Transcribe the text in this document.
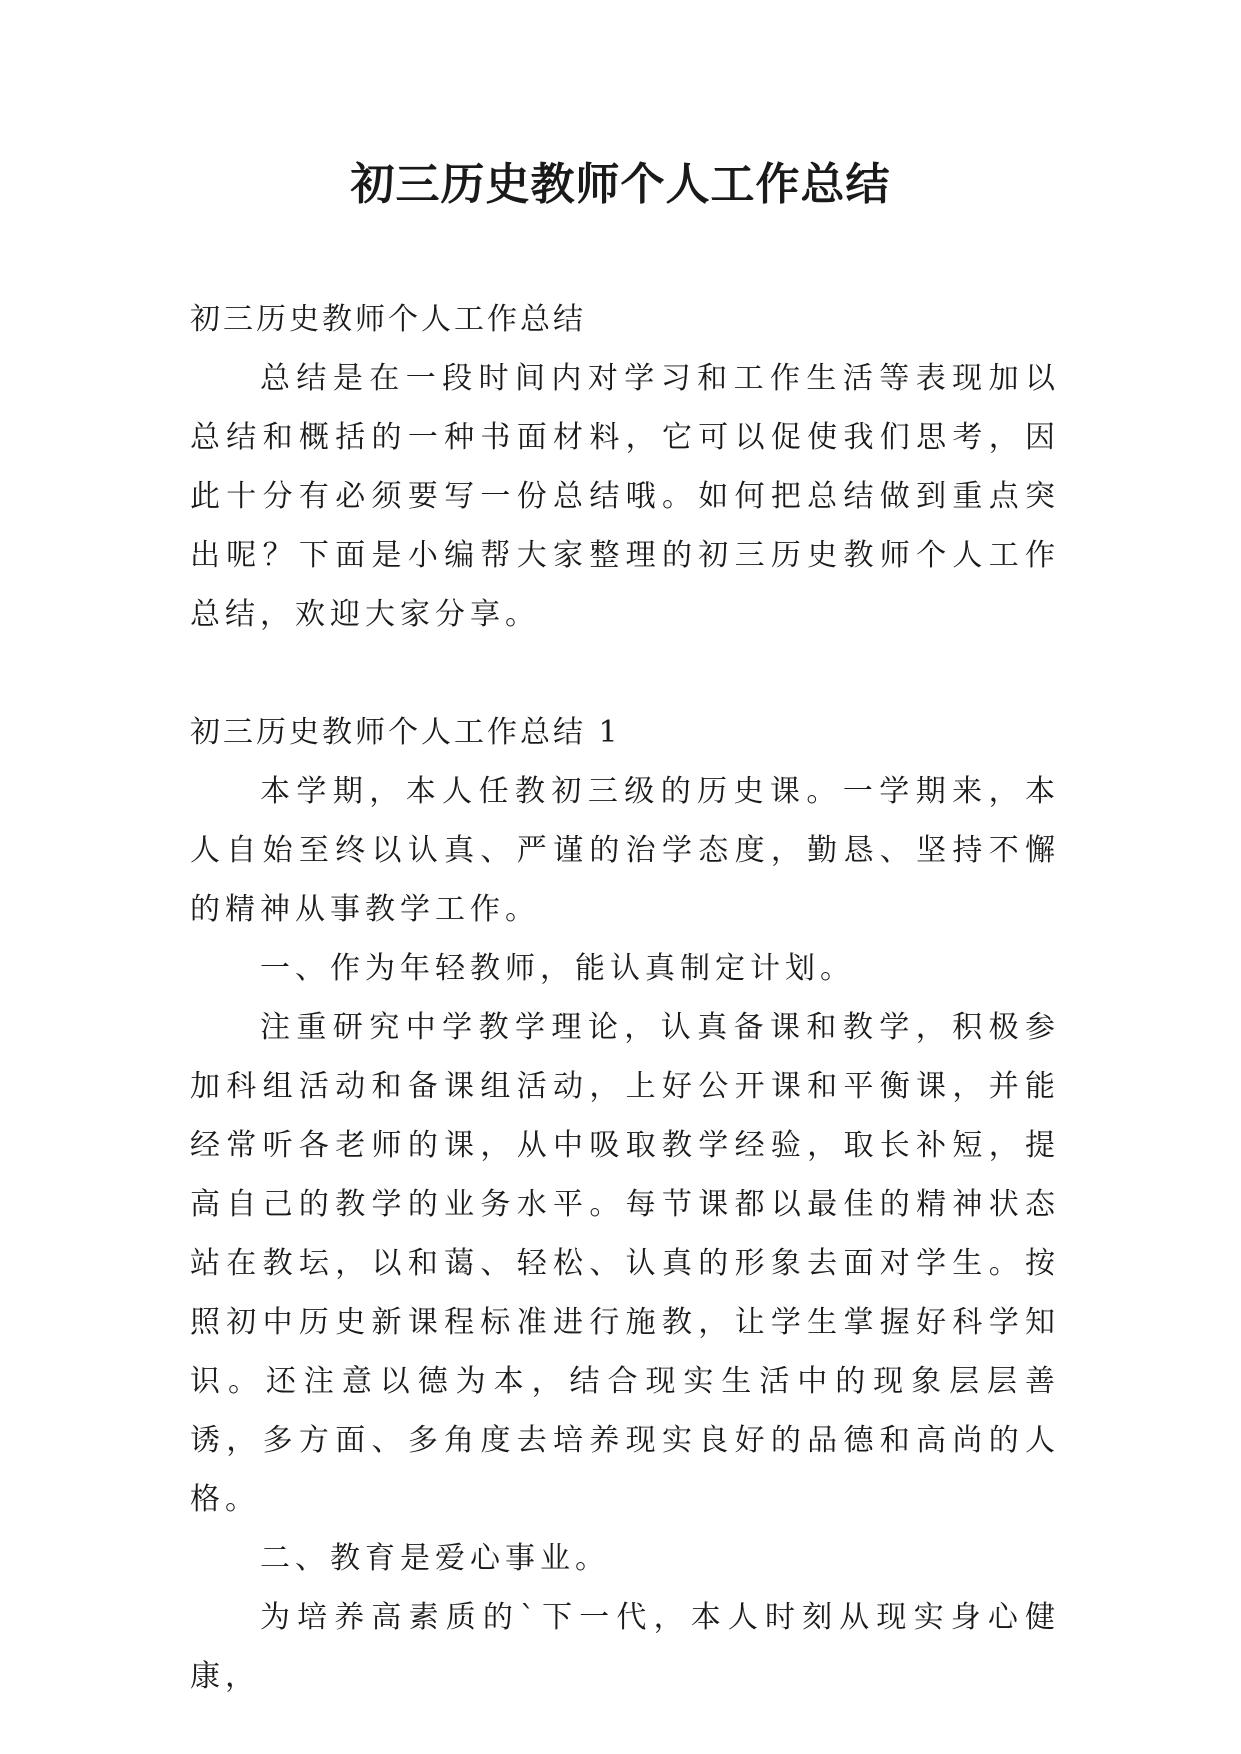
初三历史教师个人工作总结

初三历史教师个人工作总结

总结是在一段时间内对学习和工作生活等表现加以总结和概括的一种书面材料，它可以促使我们思考，因此十分有必须要写一份总结哦。如何把总结做到重点突出呢？下面是小编帮大家整理的初三历史教师个人工作总结，欢迎大家分享。

初三历史教师个人工作总结 1

本学期，本人任教初三级的历史课。一学期来，本人自始至终以认真、严谨的治学态度，勤恳、坚持不懈的精神从事教学工作。

一、作为年轻教师，能认真制定计划。

注重研究中学教学理论，认真备课和教学，积极参加科组活动和备课组活动，上好公开课和平衡课，并能经常听各老师的课，从中吸取教学经验，取长补短，提高自己的教学的业务水平。每节课都以最佳的精神状态站在教坛，以和蔼、轻松、认真的形象去面对学生。按照初中历史新课程标准进行施教，让学生掌握好科学知识。还注意以德为本，结合现实生活中的现象层层善诱，多方面、多角度去培养现实良好的品德和高尚的人格。

二、教育是爱心事业。

为培养高素质的`下一代，本人时刻从现实身心健康，
